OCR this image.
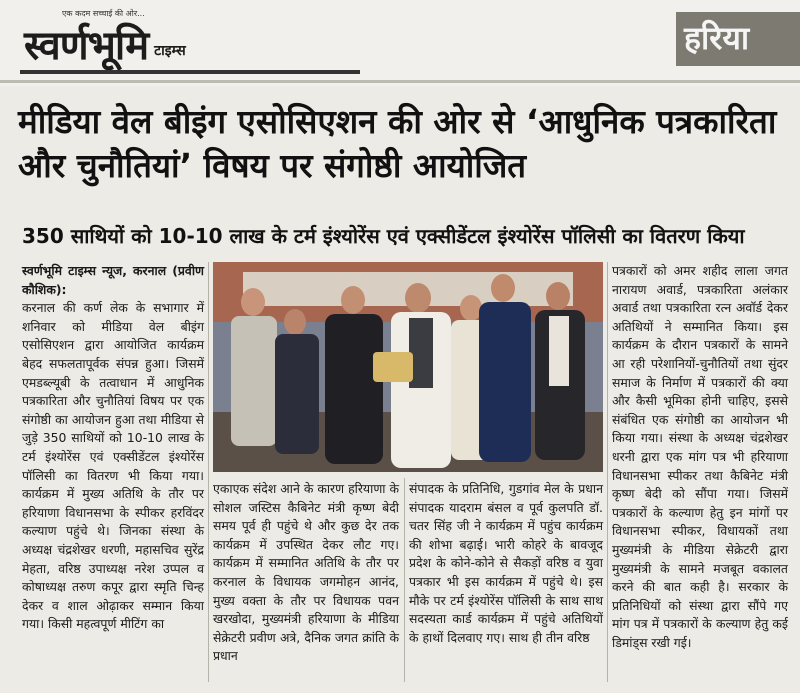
एक कदम सच्चाई की ओर...
स्वर्णभूमि टाइम्स	हरिया
मीडिया वेल बीइंग एसोसिएशन की ओर से ‘आधुनिक पत्रकारिता और चुनौतियां’ विषय पर संगोष्ठी आयोजित
350 साथियों को 10-10 लाख के टर्म इंश्योरेंस एवं एक्सीडेंटल इंश्योरेंस पॉलिसी का वितरण किया

स्वर्णभूमि टाइम्स न्यूज, करनाल (प्रवीण कौशिक):
करनाल की कर्ण लेक के सभागार में शनिवार को मीडिया वेल बीइंग एसोसिएशन द्वारा आयोजित कार्यक्रम बेहद सफलतापूर्वक संपन्न हुआ। जिसमें एमडब्ल्यूबी के तत्वाधान में आधुनिक पत्रकारिता और चुनौतियां विषय पर एक संगोष्ठी का आयोजन हुआ तथा मीडिया से जुड़े 350 साथियों को 10-10 लाख के टर्म इंश्योरेंस एवं एक्सीडेंटल इंश्योरेंस पॉलिसी का वितरण भी किया गया। कार्यक्रम में मुख्य अतिथि के तौर पर हरियाणा विधानसभा के स्पीकर हरविंदर कल्याण पहुंचे थे। जिनका संस्था के अध्यक्ष चंद्रशेखर धरणी, महासचिव सुरेंद्र मेहता, वरिष्ठ उपाध्यक्ष नरेश उप्पल व कोषाध्यक्ष तरुण कपूर द्वारा स्मृति चिन्ह देकर व शाल ओढ़ाकर सम्मान किया गया। किसी महत्वपूर्ण मीटिंग का

एकाएक संदेश आने के कारण हरियाणा के सोशल जस्टिस कैबिनेट मंत्री कृष्ण बेदी समय पूर्व ही पहुंचे थे और कुछ देर तक कार्यक्रम में उपस्थित देकर लौट गए। कार्यक्रम में सम्मानित अतिथि के तौर पर करनाल के विधायक जगमोहन आनंद, मुख्य वक्ता के तौर पर विधायक पवन खरखोदा, मुख्यमंत्री हरियाणा के मीडिया सेक्रेटरी प्रवीण अत्रे, दैनिक जगत क्रांति के प्रधान

संपादक के प्रतिनिधि, गुडगांव मेल के प्रधान संपादक यादराम बंसल व पूर्व कुलपति डॉ. चतर सिंह जी ने कार्यक्रम में पहुंच कार्यक्रम की शोभा बढ़ाई। भारी कोहरे के बावजूद प्रदेश के कोने-कोने से सैकड़ों वरिष्ठ व युवा पत्रकार भी इस कार्यक्रम में पहुंचे थे। इस मौके पर टर्म इंश्योरेंस पॉलिसी के साथ साथ सदस्यता कार्ड कार्यक्रम में पहुंचे अतिथियों के हाथों दिलवाए गए। साथ ही तीन वरिष्ठ

पत्रकारों को अमर शहीद लाला जगत नारायण अवार्ड, पत्रकारिता अलंकार अवार्ड तथा पत्रकारिता रत्न अवॉर्ड देकर अतिथियों ने सम्मानित किया। इस कार्यक्रम के दौरान पत्रकारों के सामने आ रही परेशानियों-चुनौतियों तथा सुंदर समाज के निर्माण में पत्रकारों की क्या और कैसी भूमिका होनी चाहिए, इससे संबंधित एक संगोष्ठी का आयोजन भी किया गया। संस्था के अध्यक्ष चंद्रशेखर धरनी द्वारा एक मांग पत्र भी हरियाणा विधानसभा स्पीकर तथा कैबिनेट मंत्री कृष्ण बेदी को सौंपा गया। जिसमें पत्रकारों के कल्याण हेतु इन मांगों पर विधानसभा स्पीकर, विधायकों तथा मुख्यमंत्री के मीडिया सेक्रेटरी द्वारा मुख्यमंत्री के सामने मजबूत वकालत करने की बात कही है। सरकार के प्रतिनिधियों को संस्था द्वारा सौंपे गए मांग पत्र में पत्रकारों के कल्याण हेतु कई डिमांड्स रखी गई।
